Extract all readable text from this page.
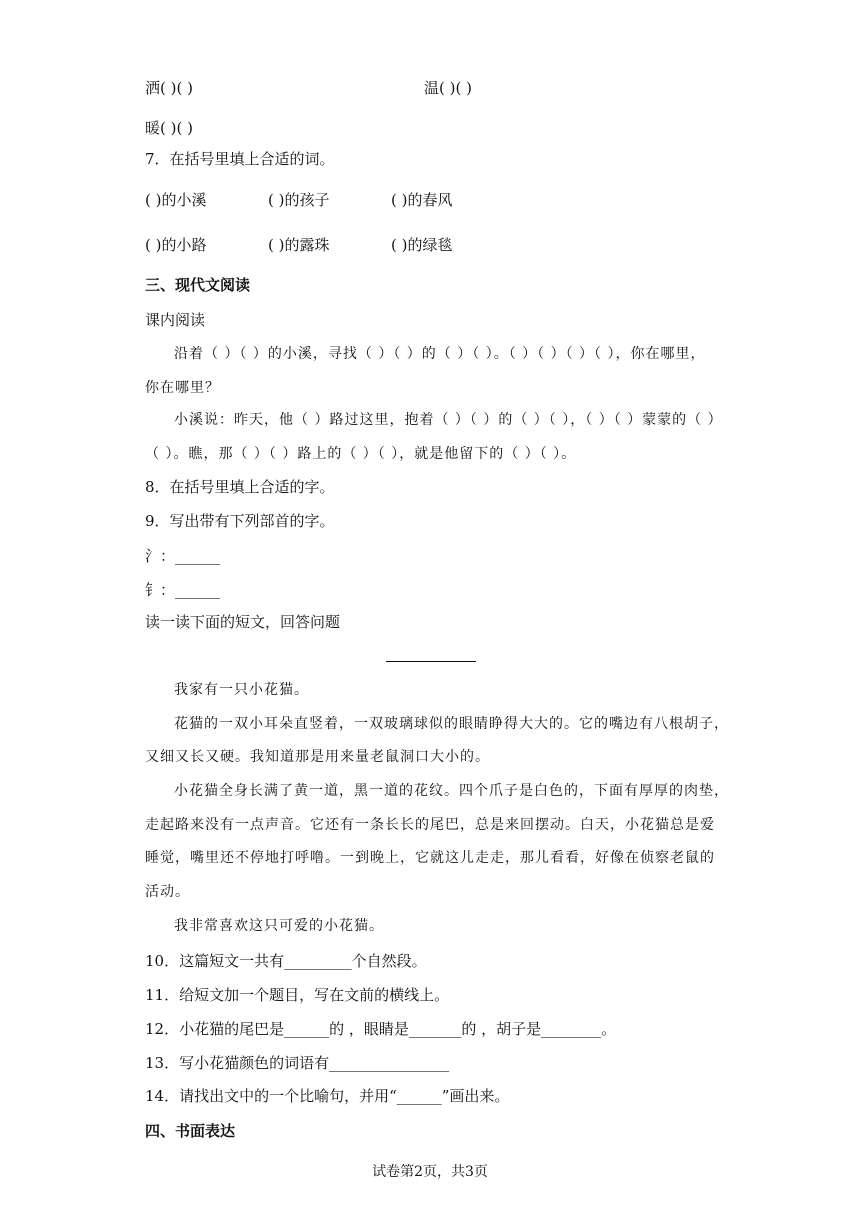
洒( )( )	温( )( )
暖( )( )
7．在括号里填上合适的词。
( )的小溪	( )的孩子	( )的春风
( )的小路	( )的露珠	( )的绿毯
三、现代文阅读
课内阅读
沿着（ ）（ ）的小溪，寻找（ ）（ ）的（ ）（ ）。（ ）（ ）（ ）（ ），你在哪里，
你在哪里？
小溪说：昨天，他（ ）路过这里，抱着（ ）（ ）的（ ）（ ），（ ）（ ）蒙蒙的（ ）
（ ）。瞧，那（ ）（ ）路上的（ ）（ ），就是他留下的（ ）（ ）。
8．在括号里填上合适的字。
9．写出带有下列部首的字。
氵：______
钅：______
读一读下面的短文，回答问题
我家有一只小花猫。
花猫的一双小耳朵直竖着，一双玻璃球似的眼睛睁得大大的。它的嘴边有八根胡子，
又细又长又硬。我知道那是用来量老鼠洞口大小的。
小花猫全身长满了黄一道，黑一道的花纹。四个爪子是白色的，下面有厚厚的肉垫，
走起路来没有一点声音。它还有一条长长的尾巴，总是来回摆动。白天，小花猫总是爱
睡觉，嘴里还不停地打呼噜。一到晚上，它就这儿走走，那儿看看，好像在侦察老鼠的
活动。
我非常喜欢这只可爱的小花猫。
10．这篇短文一共有_________个自然段。
11．给短文加一个题目，写在文前的横线上。
12．小花猫的尾巴是______的 ，眼睛是_______的 ，胡子是________。
13．写小花猫颜色的词语有________________
14．请找出文中的一个比喻句，并用“______”画出来。
四、书面表达
试卷第2页，共3页
